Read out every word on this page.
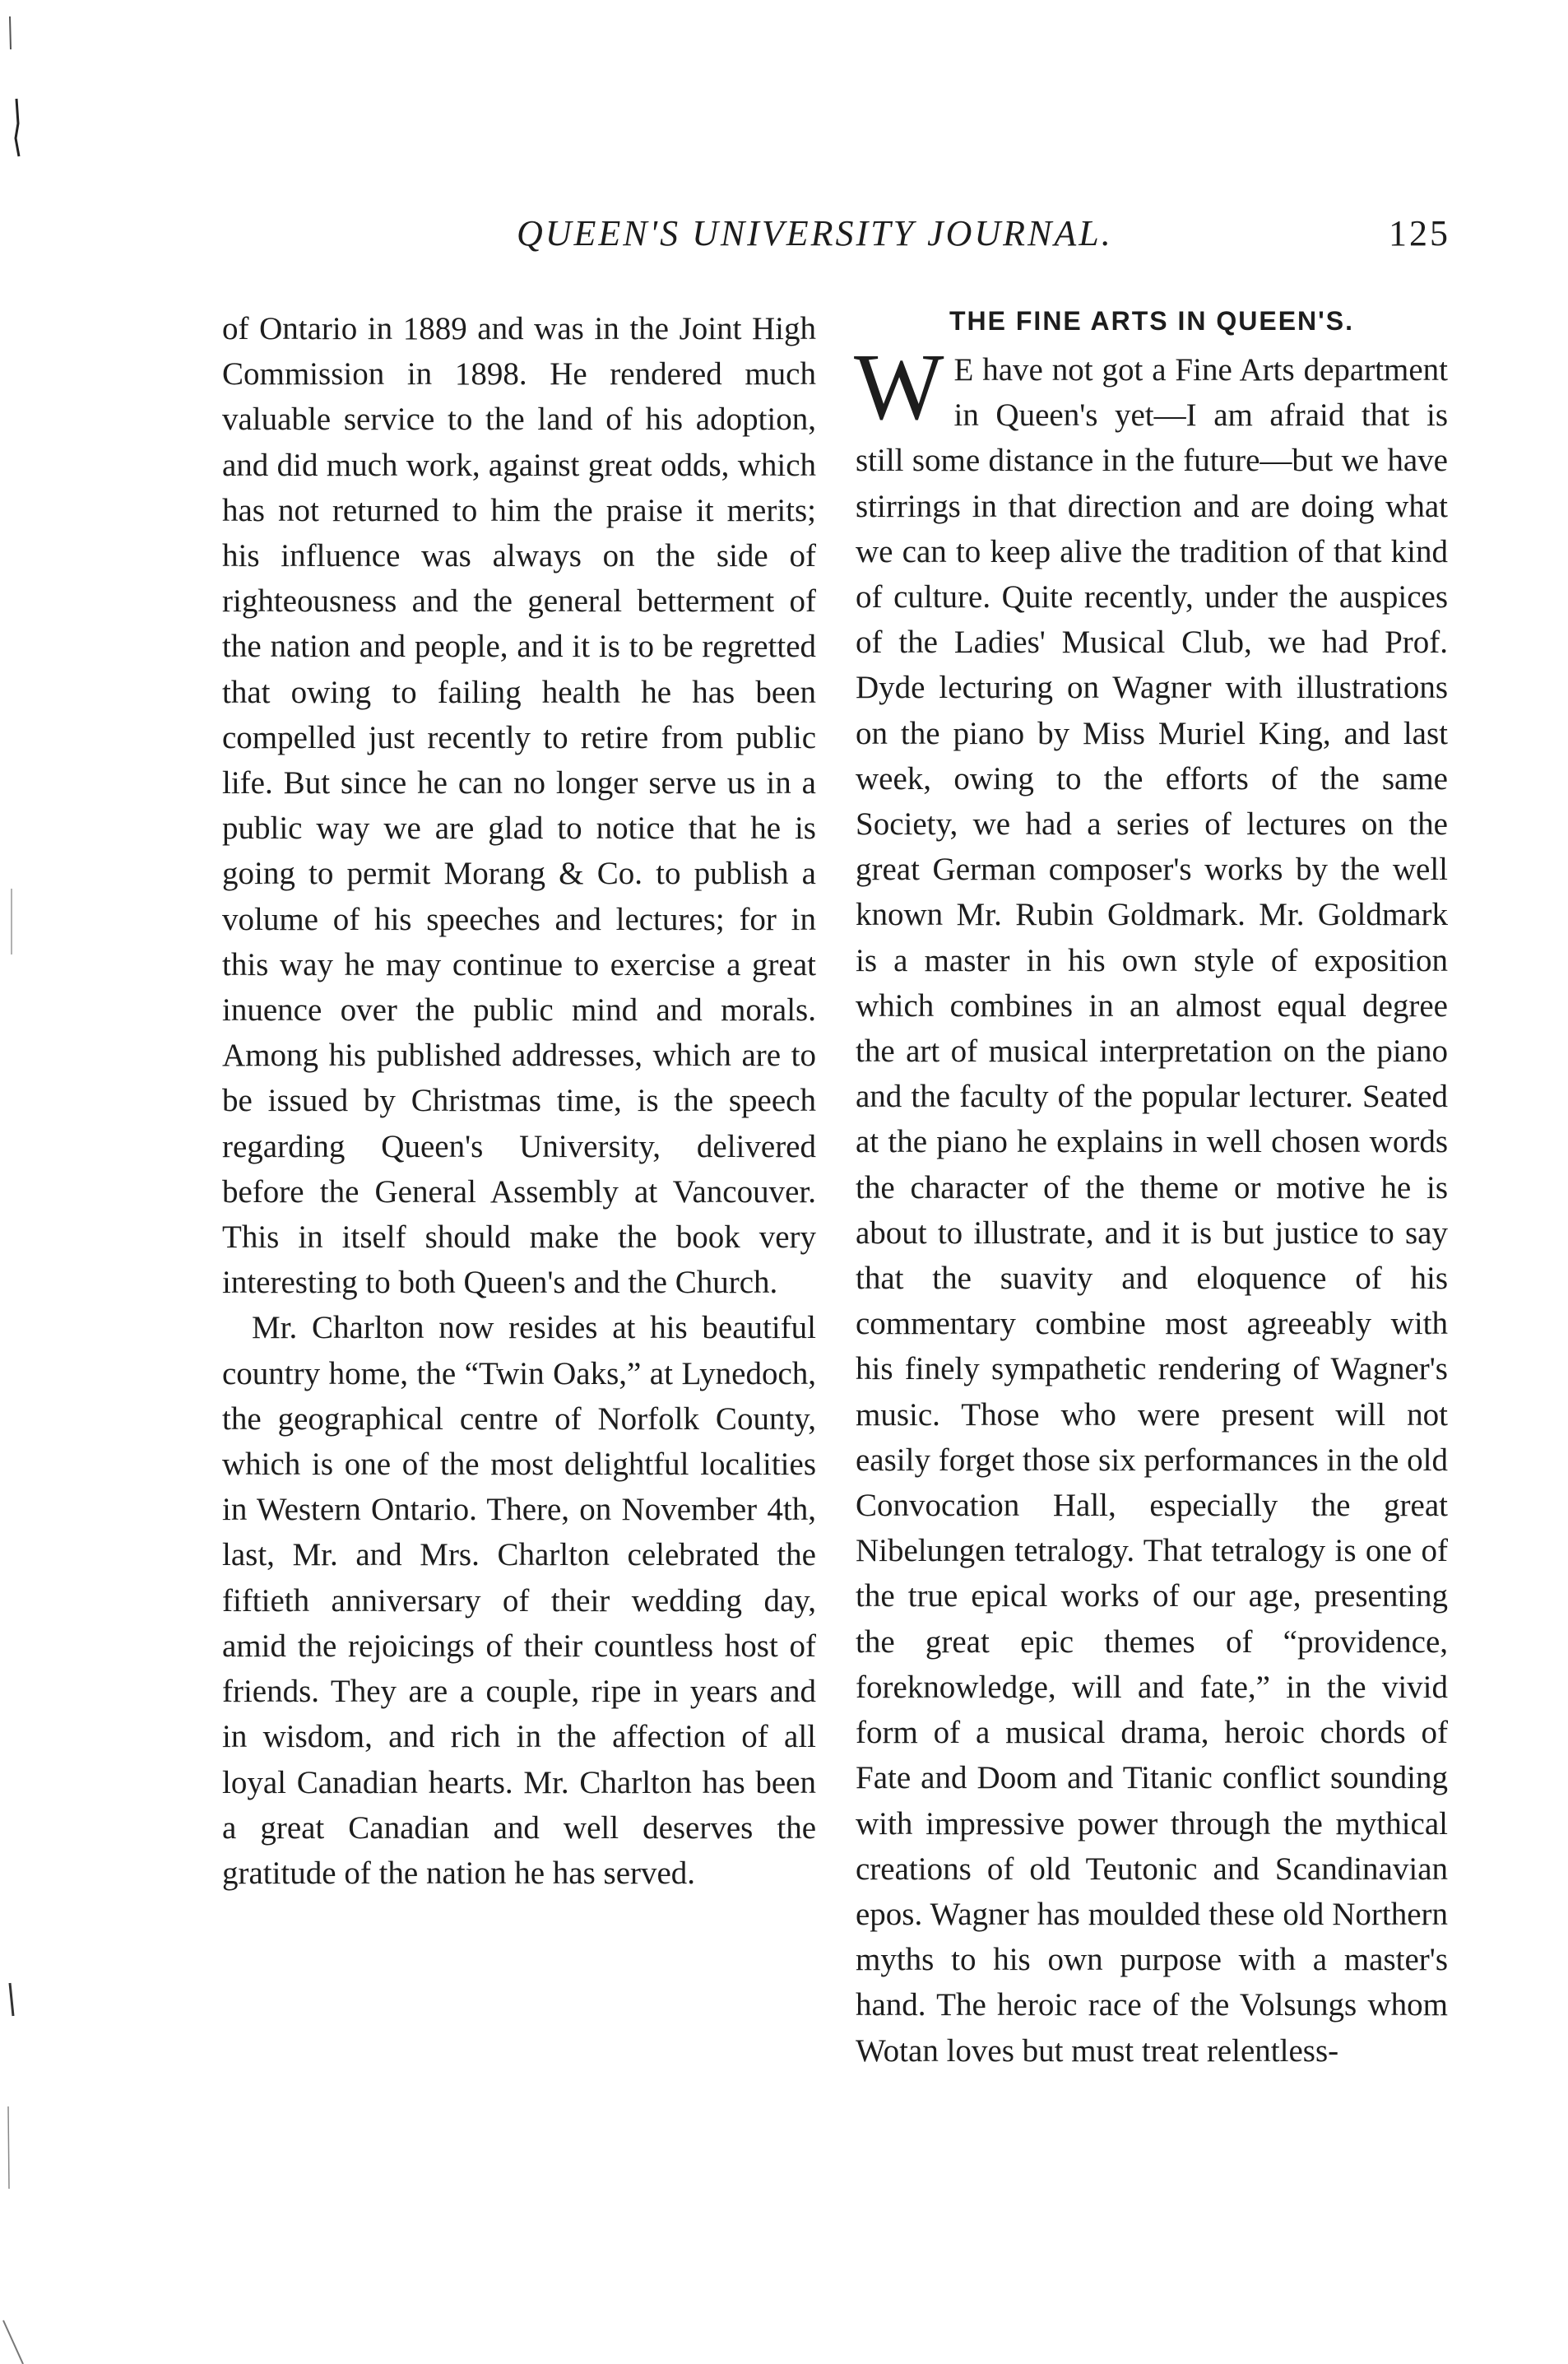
QUEEN'S UNIVERSITY JOURNAL.	125

of Ontario in 1889 and was in the Joint High Commission in 1898. He rendered much valuable service to the land of his adoption, and did much work, against great odds, which has not returned to him the praise it merits; his influence was always on the side of righteousness and the general betterment of the nation and people, and it is to be regretted that owing to failing health he has been compelled just recently to retire from public life. But since he can no longer serve us in a public way we are glad to notice that he is going to permit Morang & Co. to publish a volume of his speeches and lectures; for in this way he may continue to exercise a great inuence over the public mind and morals. Among his published addresses, which are to be issued by Christmas time, is the speech regarding Queen's University, delivered before the General Assembly at Vancouver. This in itself should make the book very interesting to both Queen's and the Church.

Mr. Charlton now resides at his beautiful country home, the “Twin Oaks,” at Lynedoch, the geographical centre of Norfolk County, which is one of the most delightful localities in Western Ontario. There, on November 4th, last, Mr. and Mrs. Charlton celebrated the fiftieth anniversary of their wedding day, amid the rejoicings of their countless host of friends. They are a couple, ripe in years and in wisdom, and rich in the affection of all loyal Canadian hearts. Mr. Charlton has been a great Canadian and well deserves the gratitude of the nation he has served.

THE FINE ARTS IN QUEEN'S.

W E have not got a Fine Arts department in Queen's yet—I am afraid that is still some distance in the future—but we have stirrings in that direction and are doing what we can to keep alive the tradition of that kind of culture. Quite recently, under the auspices of the Ladies' Musical Club, we had Prof. Dyde lecturing on Wagner with illustrations on the piano by Miss Muriel King, and last week, owing to the efforts of the same Society, we had a series of lectures on the great German composer's works by the well known Mr. Rubin Goldmark. Mr. Goldmark is a master in his own style of exposition which combines in an almost equal degree the art of musical interpretation on the piano and the faculty of the popular lecturer. Seated at the piano he explains in well chosen words the character of the theme or motive he is about to illustrate, and it is but justice to say that the suavity and eloquence of his commentary combine most agreeably with his finely sympathetic rendering of Wagner's music. Those who were present will not easily forget those six performances in the old Convocation Hall, especially the great Nibelungen tetralogy. That tetralogy is one of the true epical works of our age, presenting the great epic themes of “providence, foreknowledge, will and fate,” in the vivid form of a musical drama, heroic chords of Fate and Doom and Titanic conflict sounding with impressive power through the mythical creations of old Teutonic and Scandinavian epos. Wagner has moulded these old Northern myths to his own purpose with a master's hand. The heroic race of the Volsungs whom Wotan loves but must treat relentless-
